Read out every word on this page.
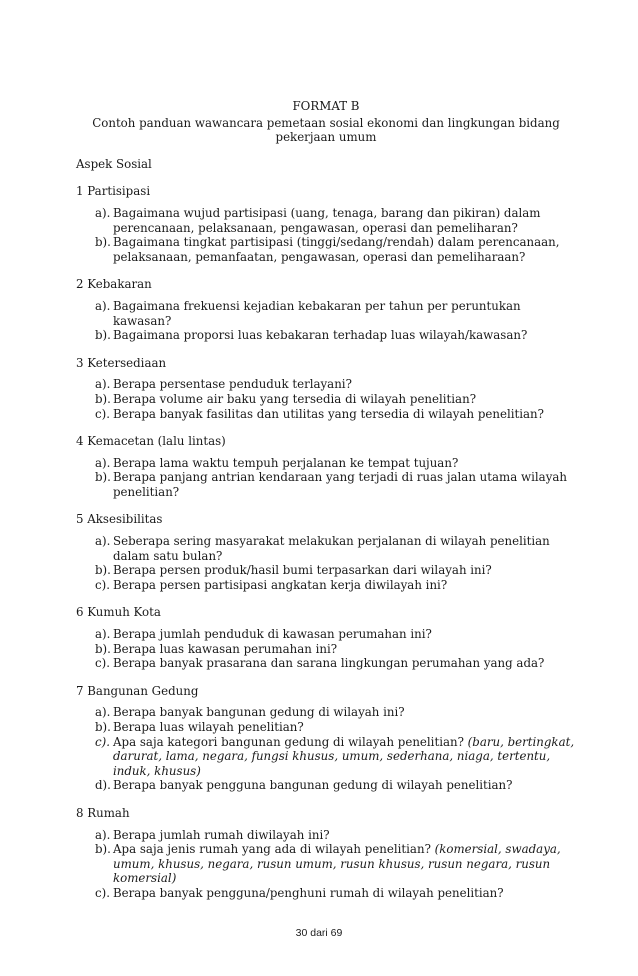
FORMAT B
Contoh panduan wawancara pemetaan sosial ekonomi dan lingkungan bidang pekerjaan umum
Aspek Sosial
1 Partisipasi
a). Bagaimana wujud partisipasi (uang, tenaga, barang dan pikiran) dalam perencanaan, pelaksanaan, pengawasan, operasi dan pemeliharan?
b). Bagaimana tingkat partisipasi (tinggi/sedang/rendah) dalam perencanaan, pelaksanaan, pemanfaatan, pengawasan, operasi dan pemeliharaan?
2 Kebakaran
a). Bagaimana frekuensi kejadian kebakaran per tahun per peruntukan kawasan?
b). Bagaimana proporsi luas kebakaran terhadap luas wilayah/kawasan?
3 Ketersediaan
a). Berapa persentase penduduk terlayani?
b). Berapa volume air baku yang tersedia di wilayah penelitian?
c). Berapa banyak fasilitas dan utilitas yang tersedia di wilayah penelitian?
4 Kemacetan (lalu lintas)
a). Berapa lama waktu tempuh perjalanan ke tempat tujuan?
b). Berapa panjang antrian kendaraan yang terjadi di ruas jalan utama wilayah penelitian?
5 Aksesibilitas
a). Seberapa sering masyarakat melakukan perjalanan di wilayah penelitian dalam satu bulan?
b). Berapa persen produk/hasil bumi terpasarkan dari wilayah ini?
c). Berapa persen partisipasi angkatan kerja diwilayah ini?
6 Kumuh Kota
a). Berapa jumlah penduduk di kawasan perumahan ini?
b). Berapa luas kawasan perumahan ini?
c). Berapa banyak prasarana dan sarana lingkungan perumahan yang ada?
7 Bangunan Gedung
a). Berapa banyak bangunan gedung di wilayah ini?
b). Berapa luas wilayah penelitian?
c). Apa saja kategori bangunan gedung di wilayah penelitian? (baru, bertingkat, darurat, lama, negara, fungsi khusus, umum, sederhana, niaga, tertentu, induk, khusus)
d). Berapa banyak pengguna bangunan gedung di wilayah penelitian?
8 Rumah
a). Berapa jumlah rumah diwilayah ini?
b). Apa saja jenis rumah yang ada di wilayah penelitian? (komersial, swadaya, umum, khusus, negara, rusun umum, rusun khusus, rusun negara, rusun komersial)
c). Berapa banyak pengguna/penghuni rumah di wilayah penelitian?
30 dari 69
